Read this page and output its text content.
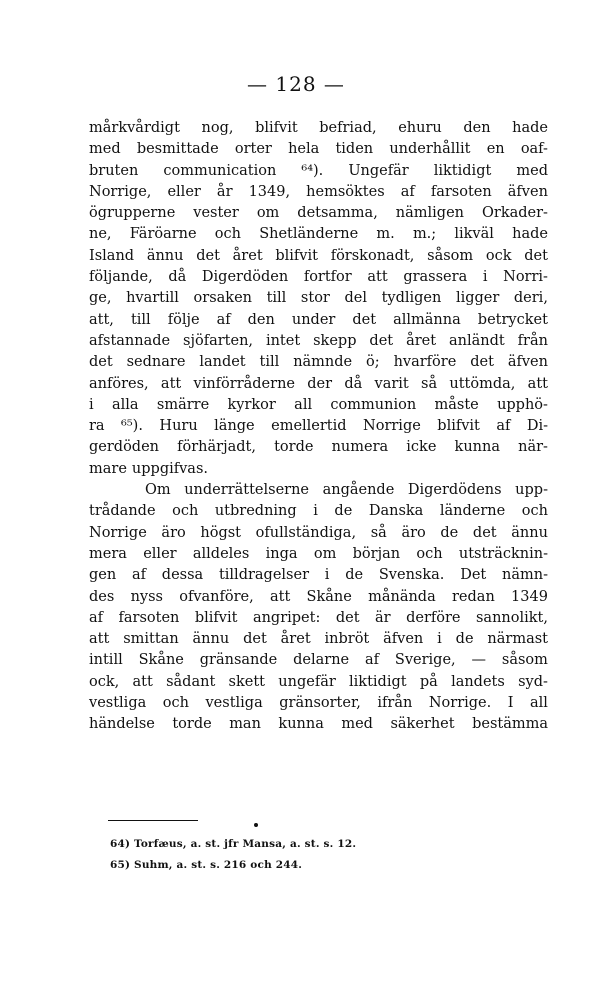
— 128 —
mårkvårdigt nog, blifvit befriad, ehuru den hade
med besmittade orter hela tiden underhållit en oaf-
bruten communication ⁶⁴). Ungefär liktidigt med
Norrige, eller år 1349, hemsöktes af farsoten äfven
ögrupperne vester om detsamma, nämligen Orkader-
ne, Färöarne och Shetländerne m. m.; likväl hade
Island ännu det året blifvit förskonadt, såsom ock det
följande, då Digerdöden fortfor att grassera i Norri-
ge, hvartill orsaken till stor del tydligen ligger deri,
att, till följe af den under det allmänna betrycket
afstannade sjöfarten, intet skepp det året anländt från
det sednare landet till nämnde ö; hvarföre det äfven
anföres, att vinförråderne der då varit så uttömda, att
i alla smärre kyrkor all communion måste upphö-
ra ⁶⁵). Huru länge emellertid Norrige blifvit af Di-
gerdöden förhärjadt, torde numera icke kunna när-
mare uppgifvas.
Om underrättelserne angående Digerdödens upp-
trådande och utbredning i de Danska länderne och
Norrige äro högst ofullständiga, så äro de det ännu
mera eller alldeles inga om början och utsträcknin-
gen af dessa tilldragelser i de Svenska. Det nämn-
des nyss ofvanföre, att Skåne månända redan 1349
af farsoten blifvit angripet: det är derföre sannolikt,
att smittan ännu det året inbröt äfven i de närmast
intill Skåne gränsande delarne af Sverige, — såsom
ock, att sådant skett ungefär liktidigt på landets syd-
vestliga och vestliga gränsorter, ifrån Norrige. I all
händelse torde man kunna med säkerhet bestämma
64) Torfæus, a. st. jfr Mansa, a. st. s. 12.
65) Suhm, a. st. s. 216 och 244.
